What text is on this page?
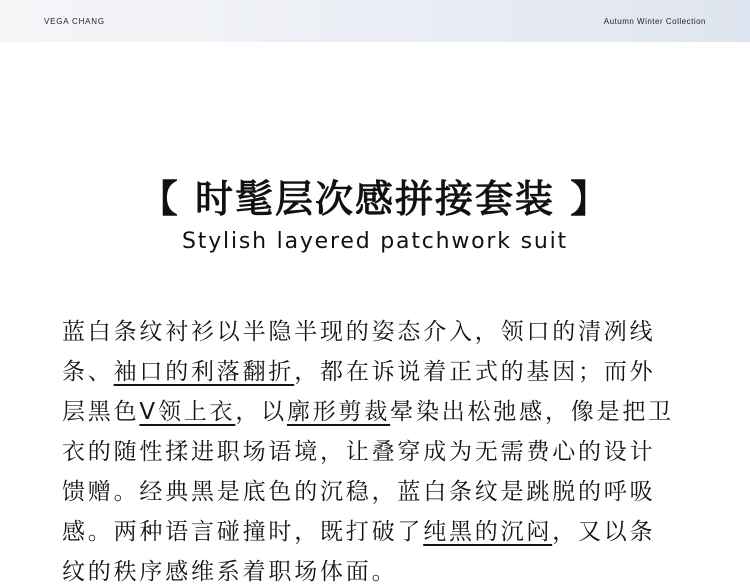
VEGA CHANG	Autumn Winter Collection
【 时髦层次感拼接套装 】
Stylish layered patchwork suit
蓝白条纹衬衫以半隐半现的姿态介入，领口的清冽线
条、袖口的利落翻折，都在诉说着正式的基因；而外
层黑色V领上衣，以廓形剪裁晕染出松弛感，像是把卫
衣的随性揉进职场语境，让叠穿成为无需费心的设计
馈赠。经典黑是底色的沉稳，蓝白条纹是跳脱的呼吸
感。两种语言碰撞时，既打破了纯黑的沉闷，又以条
纹的秩序感维系着职场体面。
